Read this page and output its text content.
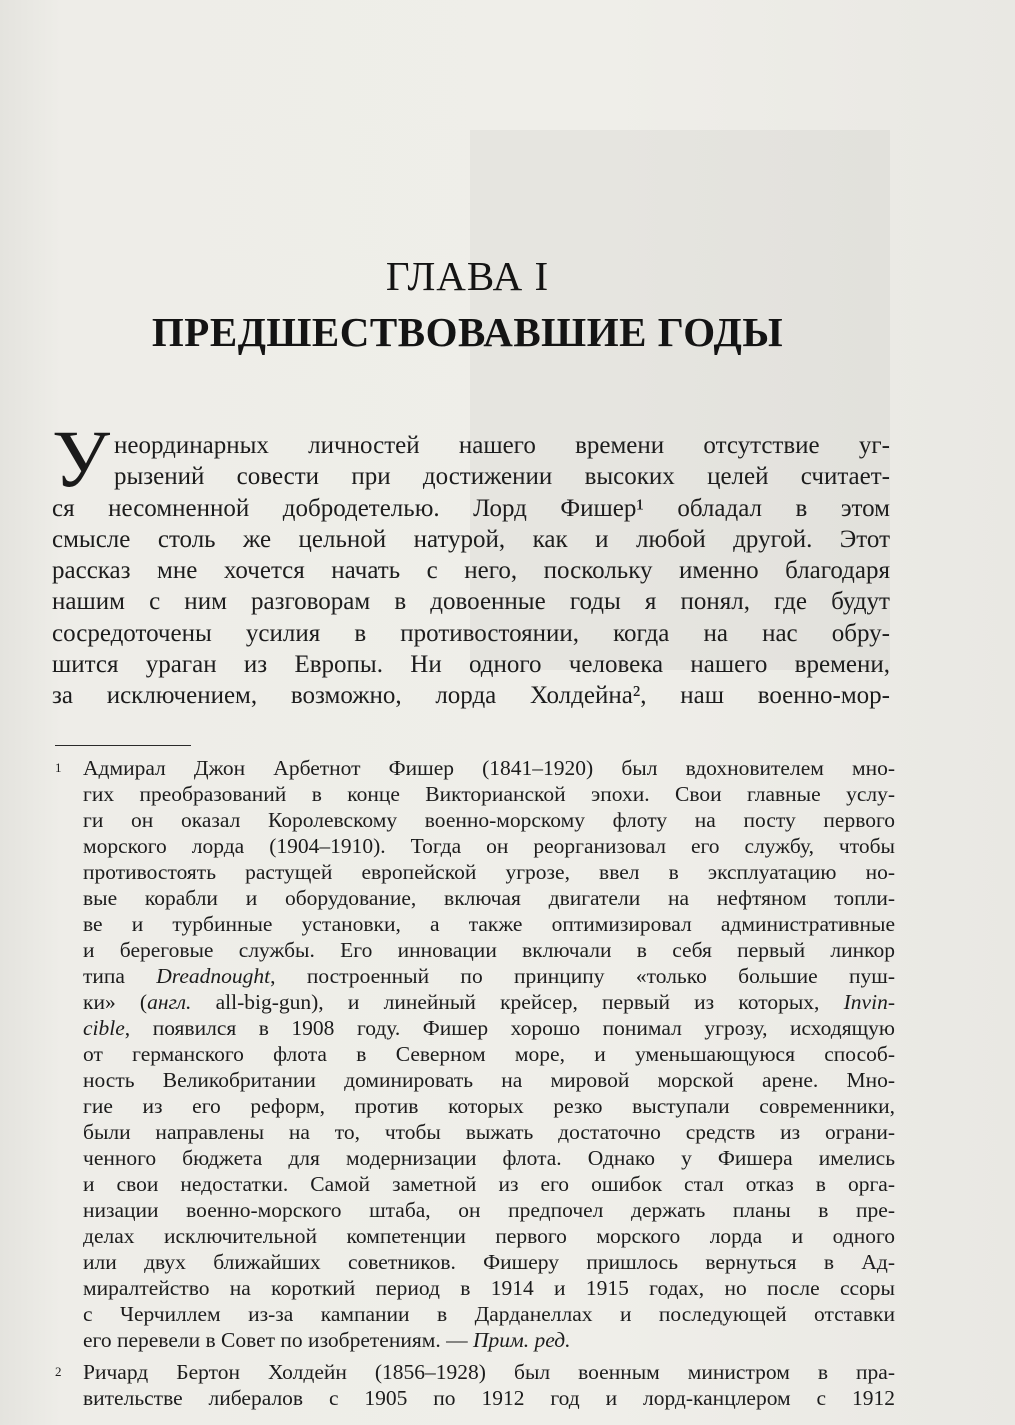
ГЛАВА I
ПРЕДШЕСТВОВАВШИЕ ГОДЫ
У неординарных личностей нашего времени отсутствие уг-
рызений совести при достижении высоких целей считает-
ся несомненной добродетелью. Лорд Фишер¹ обладал в этом
смысле столь же цельной натурой, как и любой другой. Этот
рассказ мне хочется начать с него, поскольку именно благодаря
нашим с ним разговорам в довоенные годы я понял, где будут
сосредоточены усилия в противостоянии, когда на нас обру-
шится ураган из Европы. Ни одного человека нашего времени,
за исключением, возможно, лорда Холдейна², наш военно-мор-
1 Адмирал Джон Арбетнот Фишер (1841–1920) был вдохновителем мно-
гих преобразований в конце Викторианской эпохи. Свои главные услу-
ги он оказал Королевскому военно-морскому флоту на посту первого
морского лорда (1904–1910). Тогда он реорганизовал его службу, чтобы
противостоять растущей европейской угрозе, ввел в эксплуатацию но-
вые корабли и оборудование, включая двигатели на нефтяном топли-
ве и турбинные установки, а также оптимизировал административные
и береговые службы. Его инновации включали в себя первый линкор
типа Dreadnought, построенный по принципу «только большие пуш-
ки» (англ. all-big-gun), и линейный крейсер, первый из которых, Invin-
cible, появился в 1908 году. Фишер хорошо понимал угрозу, исходящую
от германского флота в Северном море, и уменьшающуюся способ-
ность Великобритании доминировать на мировой морской арене. Мно-
гие из его реформ, против которых резко выступали современники,
были направлены на то, чтобы выжать достаточно средств из ограни-
ченного бюджета для модернизации флота. Однако у Фишера имелись
и свои недостатки. Самой заметной из его ошибок стал отказ в орга-
низации военно-морского штаба, он предпочел держать планы в пре-
делах исключительной компетенции первого морского лорда и одного
или двух ближайших советников. Фишеру пришлось вернуться в Ад-
миралтейство на короткий период в 1914 и 1915 годах, но после ссоры
с Черчиллем из-за кампании в Дарданеллах и последующей отставки
его перевели в Совет по изобретениям. — Прим. ред.
2 Ричард Бертон Холдейн (1856–1928) был военным министром в пра-
вительстве либералов с 1905 по 1912 год и лорд-канцлером с 1912
